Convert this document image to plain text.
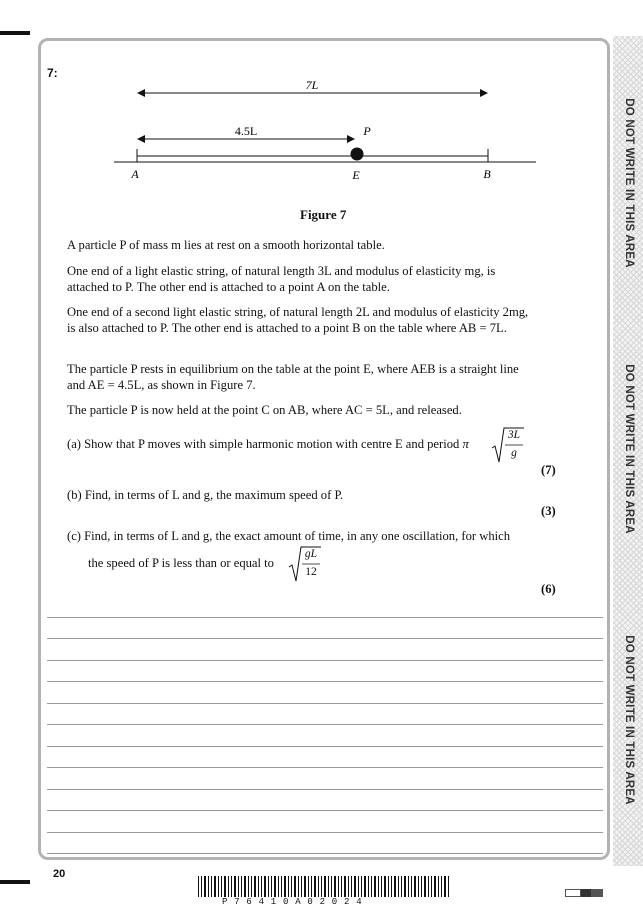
DO NOT WRITE IN THIS AREA
DO NOT WRITE IN THIS AREA
DO NOT WRITE IN THIS AREA
7:
7L
4.5L	P
A	E	B
Figure 7
A particle P of mass m lies at rest on a smooth horizontal table.
One end of a light elastic string, of natural length 3L and modulus of elasticity mg, is attached to P. The other end is attached to a point A on the table.
One end of a second light elastic string, of natural length 2L and modulus of elasticity 2mg, is also attached to P. The other end is attached to a point B on the table where AB = 7L.
The particle P rests in equilibrium on the table at the point E, where AEB is a straight line and AE = 4.5L, as shown in Figure 7.
The particle P is now held at the point C on AB, where AC = 5L, and released.
(a) Show that P moves with simple harmonic motion with centre E and period π
3L
g
(7)
(b) Find, in terms of L and g, the maximum speed of P.
(3)
(c) Find, in terms of L and g, the exact amount of time, in any one oscillation, for which
the speed of P is less than or equal to
gL
12
(6)
20
P76410A02024
